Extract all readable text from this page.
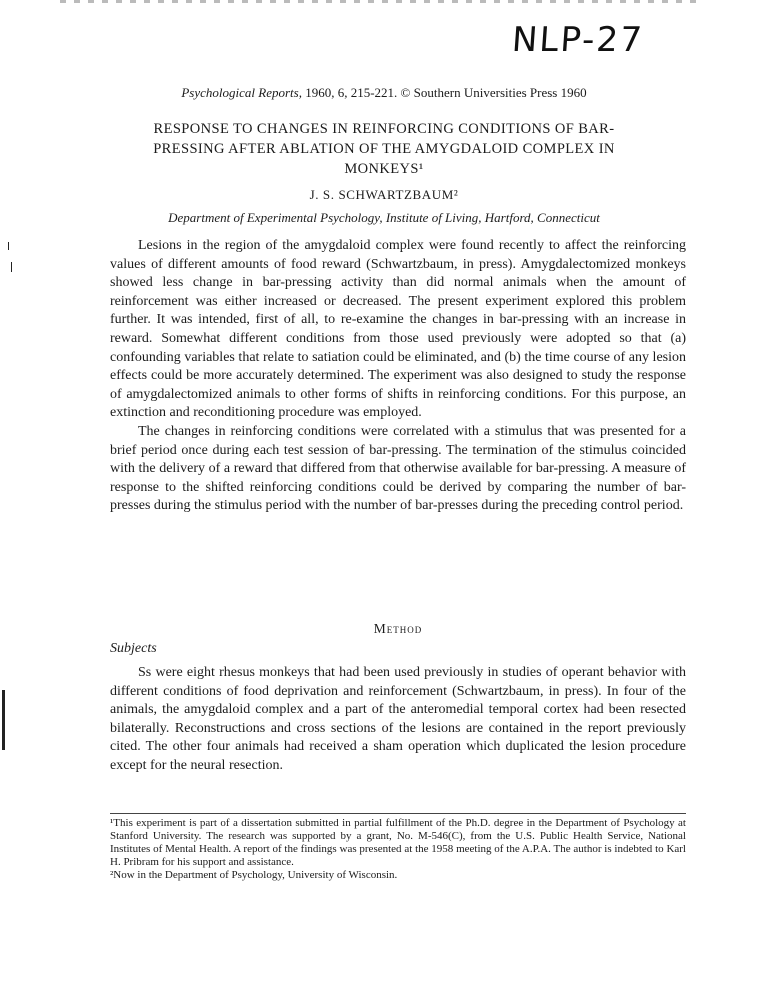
NLP-27
Psychological Reports, 1960, 6, 215-221. © Southern Universities Press 1960
RESPONSE TO CHANGES IN REINFORCING CONDITIONS OF BAR-PRESSING AFTER ABLATION OF THE AMYGDALOID COMPLEX IN MONKEYS¹
J. S. SCHWARTZBAUM²
Department of Experimental Psychology, Institute of Living, Hartford, Connecticut

Lesions in the region of the amygdaloid complex were found recently to affect the reinforcing values of different amounts of food reward (Schwartzbaum, in press). Amygdalectomized monkeys showed less change in bar-pressing activity than did normal animals when the amount of reinforcement was either increased or decreased. The present experiment explored this problem further. It was intended, first of all, to re-examine the changes in bar-pressing with an increase in reward. Somewhat different conditions from those used previously were adopted so that (a) confounding variables that relate to satiation could be eliminated, and (b) the time course of any lesion effects could be more accurately determined. The experiment was also designed to study the response of amygdalectomized animals to other forms of shifts in reinforcing conditions. For this purpose, an extinction and reconditioning procedure was employed.

The changes in reinforcing conditions were correlated with a stimulus that was presented for a brief period once during each test session of bar-pressing. The termination of the stimulus coincided with the delivery of a reward that differed from that otherwise available for bar-pressing. A measure of response to the shifted reinforcing conditions could be derived by comparing the number of bar-presses during the stimulus period with the number of bar-presses during the preceding control period.

Method
Subjects

Ss were eight rhesus monkeys that had been used previously in studies of operant behavior with different conditions of food deprivation and reinforcement (Schwartzbaum, in press). In four of the animals, the amygdaloid complex and a part of the anteromedial temporal cortex had been resected bilaterally. Reconstructions and cross sections of the lesions are contained in the report previously cited. The other four animals had received a sham operation which duplicated the lesion procedure except for the neural resection.

¹This experiment is part of a dissertation submitted in partial fulfillment of the Ph.D. degree in the Department of Psychology at Stanford University. The research was supported by a grant, No. M-546(C), from the U.S. Public Health Service, National Institutes of Mental Health. A report of the findings was presented at the 1958 meeting of the A.P.A. The author is indebted to Karl H. Pribram for his support and assistance.

²Now in the Department of Psychology, University of Wisconsin.
